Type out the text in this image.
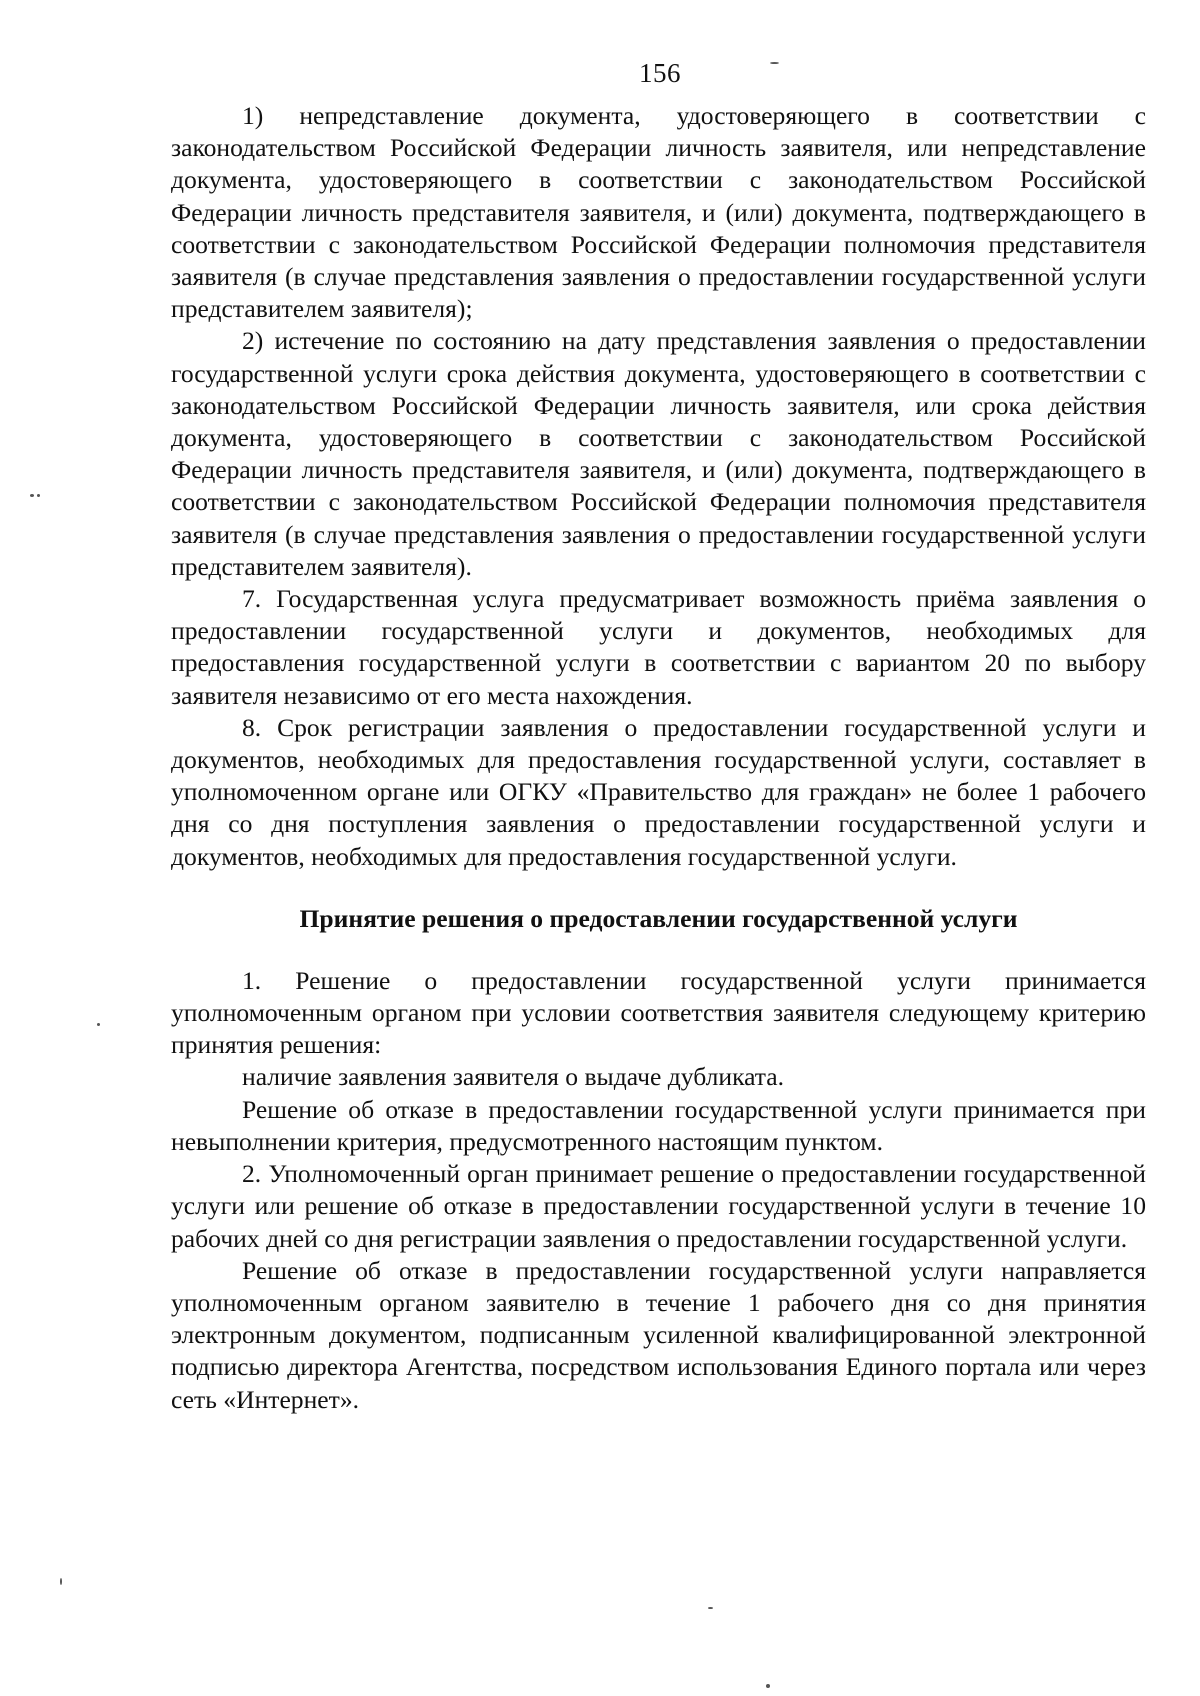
156

1) непредставление документа, удостоверяющего в соответствии с законодательством Российской Федерации личность заявителя, или непредставление документа, удостоверяющего в соответствии с законодательством Российской Федерации личность представителя заявителя, и (или) документа, подтверждающего в соответствии с законодательством Российской Федерации полномочия представителя заявителя (в случае представления заявления о предоставлении государственной услуги представителем заявителя);

2) истечение по состоянию на дату представления заявления о предоставлении государственной услуги срока действия документа, удостоверяющего в соответствии с законодательством Российской Федерации личность заявителя, или срока действия документа, удостоверяющего в соответствии с законодательством Российской Федерации личность представителя заявителя, и (или) документа, подтверждающего в соответствии с законодательством Российской Федерации полномочия представителя заявителя (в случае представления заявления о предоставлении государственной услуги представителем заявителя).

7. Государственная услуга предусматривает возможность приёма заявления о предоставлении государственной услуги и документов, необходимых для предоставления государственной услуги в соответствии с вариантом 20 по выбору заявителя независимо от его места нахождения.

8. Срок регистрации заявления о предоставлении государственной услуги и документов, необходимых для предоставления государственной услуги, составляет в уполномоченном органе или ОГКУ «Правительство для граждан» не более 1 рабочего дня со дня поступления заявления о предоставлении государственной услуги и документов, необходимых для предоставления государственной услуги.

Принятие решения о предоставлении государственной услуги

1. Решение о предоставлении государственной услуги принимается уполномоченным органом при условии соответствия заявителя следующему критерию принятия решения:

наличие заявления заявителя о выдаче дубликата.

Решение об отказе в предоставлении государственной услуги принимается при невыполнении критерия, предусмотренного настоящим пунктом.

2. Уполномоченный орган принимает решение о предоставлении государственной услуги или решение об отказе в предоставлении государственной услуги в течение 10 рабочих дней со дня регистрации заявления о предоставлении государственной услуги.

Решение об отказе в предоставлении государственной услуги направляется уполномоченным органом заявителю в течение 1 рабочего дня со дня принятия электронным документом, подписанным усиленной квалифицированной электронной подписью директора Агентства, посредством использования Единого портала или через сеть «Интернет».
